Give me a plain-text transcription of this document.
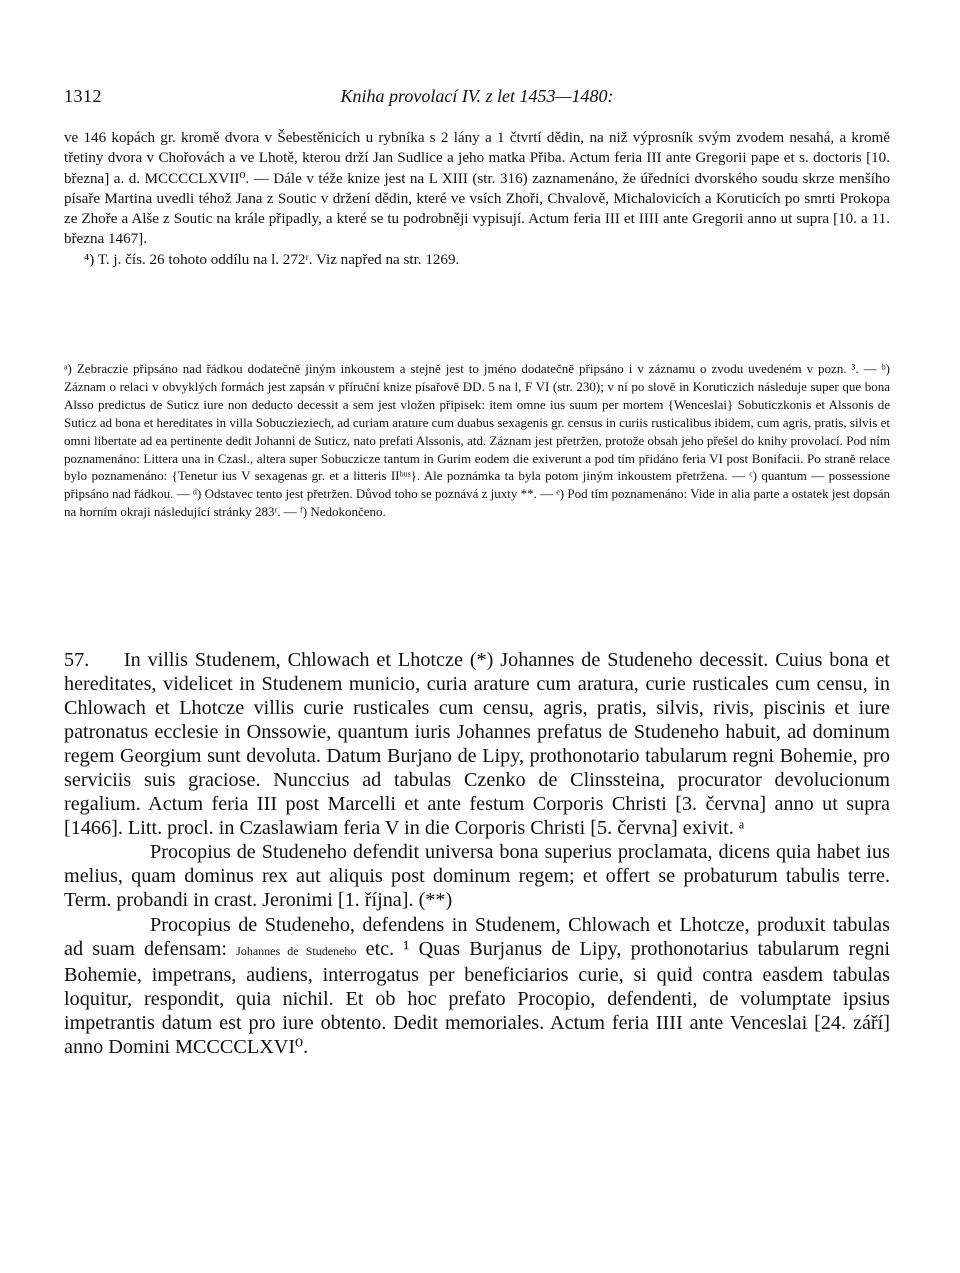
1312	Kniha provolací IV. z let 1453—1480:

ve 146 kopách gr. kromě dvora v Šebestěnicích u rybníka s 2 lány a 1 čtvrtí dědin, na niž výprosník svým zvodem nesahá, a kromě třetiny dvora v Chořovách a ve Lhotě, kterou drží Jan Sudlice a jeho matka Přiba. Actum feria III ante Gregorii pape et s. doctoris [10. března] a. d. MCCCCLXVII⁰. — Dále v téže knize jest na L XIII (str. 316) zaznamenáno, že úředníci dvorského soudu skrze menšího písaře Martina uvedli téhož Jana z Soutic v držení dědin, které ve vsích Zhoři, Chvalově, Michalovicích a Koruticích po smrti Prokopa ze Zhoře a Alše z Soutic na krále připadly, a které se tu podrobněji vypisují. Actum feria III et IIII ante Gregorii anno ut supra [10. a 11. března 1467].

⁴) T. j. čís. 26 tohoto oddílu na l. 272ʳ. Viz napřed na str. 1269.

ᵃ) Zebraczie připsáno nad řádkou dodatečně jiným inkoustem a stejně jest to jméno dodatečně připsáno i v záznamu o zvodu uvedeném v pozn. ³. — ᵇ) Záznam o relaci v obvyklých formách jest zapsán v příruční knize písařově DD. 5 na l, F VI (str. 230); v ní po slově in Koruticzich následuje super que bona Alsso predictus de Suticz iure non deducto decessit a sem jest vložen připisek: item omne ius suum per mortem {Wenceslai} Sobuticzkonis et Alssonis de Suticz ad bona et hereditates in villa Sobuczieziech, ad curiam arature cum duabus sexagenis gr. census in curiis rusticalibus ibidem, cum agris, pratis, silvis et omni libertate ad ea pertinente dedit Johanni de Suticz, nato prefati Alssonis, atd. Záznam jest přetržen, protože obsah jeho přešel do knihy provolací. Pod ním poznamenáno: Littera una in Czasl., altera super Sobuczicze tantum in Gurim eodem die exiverunt a pod tím přidáno feria VI post Bonifacii. Po straně relace bylo poznamenáno: {Tenetur ius V sexagenas gr. et a litteris IIᵇᵘˢ}. Ale poznámka ta byla potom jiným inkoustem přetržena. — ᶜ) quantum — possessione připsáno nad řádkou. — ᵈ) Odstavec tento jest přetržen. Důvod toho se poznává z juxty **. — ᵉ) Pod tím poznamenáno: Vide in alia parte a ostatek jest dopsán na horním okraji následující stránky 283ʳ. — ᶠ) Nedokončeno.

57. In villis Studenem, Chlowach et Lhotcze (*) Johannes de Studeneho decessit. Cuius bona et hereditates, videlicet in Studenem municio, curia arature cum aratura, curie rusticales cum censu, in Chlowach et Lhotcze villis curie rusticales cum censu, agris, pratis, silvis, rivis, piscinis et iure patronatus ecclesie in Onssowie, quantum iuris Johannes prefatus de Studeneho habuit, ad dominum regem Georgium sunt devoluta. Datum Burjano de Lipy, prothonotario tabularum regni Bohemie, pro serviciis suis graciose. Nunccius ad tabulas Czenko de Clinssteina, procurator devolucionum regalium. Actum feria III post Marcelli et ante festum Corporis Christi [3. června] anno ut supra [1466]. Litt. procl. in Czaslawiam feria V in die Corporis Christi [5. června] exivit. ᵃ

Procopius de Studeneho defendit universa bona superius proclamata, dicens quia habet ius melius, quam dominus rex aut aliquis post dominum regem; et offert se probaturum tabulis terre. Term. probandi in crast. Jeronimi [1. října]. (**)

Procopius de Studeneho, defendens in Studenem, Chlowach et Lhotcze, produxit tabulas ad suam defensam: Johannes de Studeneho etc. ¹ Quas Burjanus de Lipy, prothonotarius tabularum regni Bohemie, impetrans, audiens, interrogatus per beneficiarios curie, si quid contra easdem tabulas loquitur, respondit, quia nichil. Et ob hoc prefato Procopio, defendenti, de volumptate ipsius impetrantis datum est pro iure obtento. Dedit memoriales. Actum feria IIII ante Venceslai [24. září] anno Domini MCCCCLXVI⁰.
